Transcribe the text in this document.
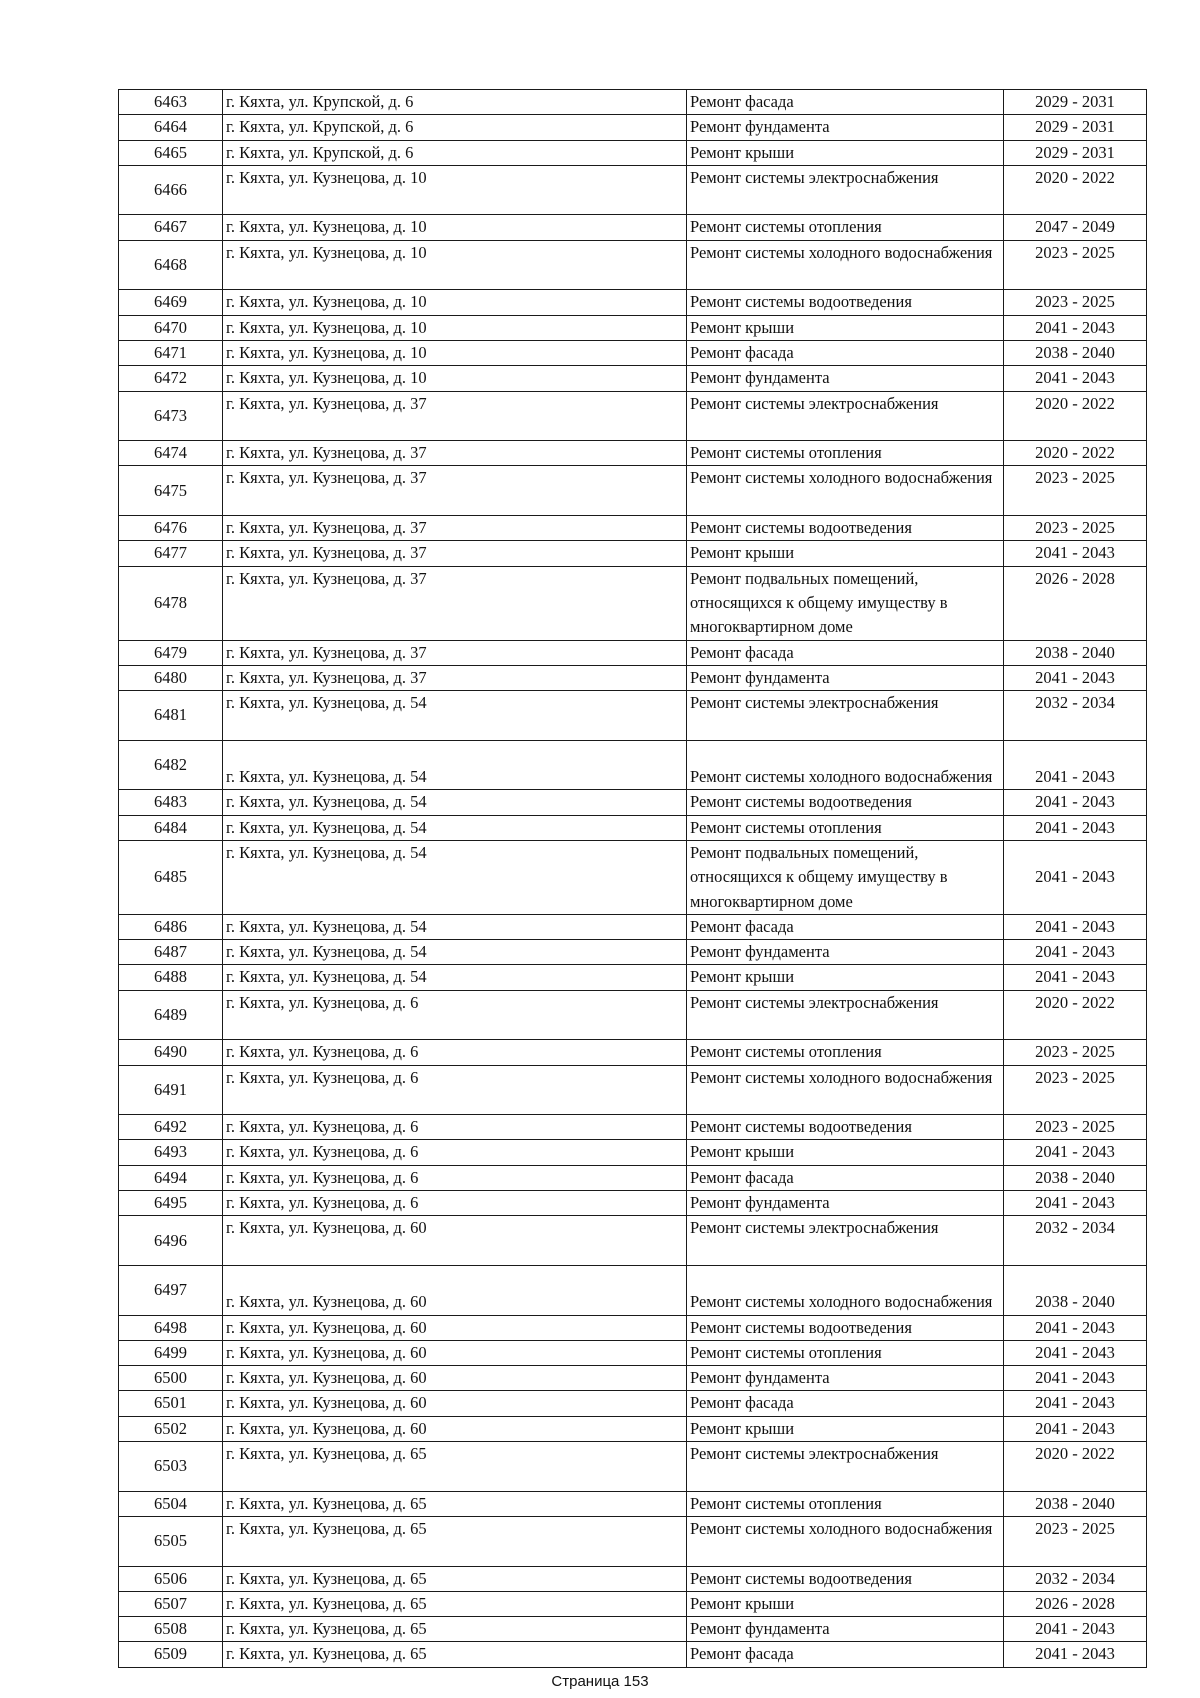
6463	г. Кяхта, ул. Крупской, д. 6	Ремонт фасада	2029 - 2031
6464	г. Кяхта, ул. Крупской, д. 6	Ремонт фундамента	2029 - 2031
6465	г. Кяхта, ул. Крупской, д. 6	Ремонт крыши	2029 - 2031
6466	г. Кяхта, ул. Кузнецова, д. 10	Ремонт системы электроснабжения	2020 - 2022
6467	г. Кяхта, ул. Кузнецова, д. 10	Ремонт системы отопления	2047 - 2049
6468	г. Кяхта, ул. Кузнецова, д. 10	Ремонт системы холодного водоснабжения	2023 - 2025
6469	г. Кяхта, ул. Кузнецова, д. 10	Ремонт системы водоотведения	2023 - 2025
6470	г. Кяхта, ул. Кузнецова, д. 10	Ремонт крыши	2041 - 2043
6471	г. Кяхта, ул. Кузнецова, д. 10	Ремонт фасада	2038 - 2040
6472	г. Кяхта, ул. Кузнецова, д. 10	Ремонт фундамента	2041 - 2043
6473	г. Кяхта, ул. Кузнецова, д. 37	Ремонт системы электроснабжения	2020 - 2022
6474	г. Кяхта, ул. Кузнецова, д. 37	Ремонт системы отопления	2020 - 2022
6475	г. Кяхта, ул. Кузнецова, д. 37	Ремонт системы холодного водоснабжения	2023 - 2025
6476	г. Кяхта, ул. Кузнецова, д. 37	Ремонт системы водоотведения	2023 - 2025
6477	г. Кяхта, ул. Кузнецова, д. 37	Ремонт крыши	2041 - 2043
6478	г. Кяхта, ул. Кузнецова, д. 37	Ремонт подвальных помещений, относящихся к общему имуществу в многоквартирном доме	2026 - 2028
6479	г. Кяхта, ул. Кузнецова, д. 37	Ремонт фасада	2038 - 2040
6480	г. Кяхта, ул. Кузнецова, д. 37	Ремонт фундамента	2041 - 2043
6481	г. Кяхта, ул. Кузнецова, д. 54	Ремонт системы электроснабжения	2032 - 2034
6482	г. Кяхта, ул. Кузнецова, д. 54	Ремонт системы холодного водоснабжения	2041 - 2043
6483	г. Кяхта, ул. Кузнецова, д. 54	Ремонт системы водоотведения	2041 - 2043
6484	г. Кяхта, ул. Кузнецова, д. 54	Ремонт системы отопления	2041 - 2043
6485	г. Кяхта, ул. Кузнецова, д. 54	Ремонт подвальных помещений, относящихся к общему имуществу в многоквартирном доме	2041 - 2043
6486	г. Кяхта, ул. Кузнецова, д. 54	Ремонт фасада	2041 - 2043
6487	г. Кяхта, ул. Кузнецова, д. 54	Ремонт фундамента	2041 - 2043
6488	г. Кяхта, ул. Кузнецова, д. 54	Ремонт крыши	2041 - 2043
6489	г. Кяхта, ул. Кузнецова, д. 6	Ремонт системы электроснабжения	2020 - 2022
6490	г. Кяхта, ул. Кузнецова, д. 6	Ремонт системы отопления	2023 - 2025
6491	г. Кяхта, ул. Кузнецова, д. 6	Ремонт системы холодного водоснабжения	2023 - 2025
6492	г. Кяхта, ул. Кузнецова, д. 6	Ремонт системы водоотведения	2023 - 2025
6493	г. Кяхта, ул. Кузнецова, д. 6	Ремонт крыши	2041 - 2043
6494	г. Кяхта, ул. Кузнецова, д. 6	Ремонт фасада	2038 - 2040
6495	г. Кяхта, ул. Кузнецова, д. 6	Ремонт фундамента	2041 - 2043
6496	г. Кяхта, ул. Кузнецова, д. 60	Ремонт системы электроснабжения	2032 - 2034
6497	г. Кяхта, ул. Кузнецова, д. 60	Ремонт системы холодного водоснабжения	2038 - 2040
6498	г. Кяхта, ул. Кузнецова, д. 60	Ремонт системы водоотведения	2041 - 2043
6499	г. Кяхта, ул. Кузнецова, д. 60	Ремонт системы отопления	2041 - 2043
6500	г. Кяхта, ул. Кузнецова, д. 60	Ремонт фундамента	2041 - 2043
6501	г. Кяхта, ул. Кузнецова, д. 60	Ремонт фасада	2041 - 2043
6502	г. Кяхта, ул. Кузнецова, д. 60	Ремонт крыши	2041 - 2043
6503	г. Кяхта, ул. Кузнецова, д. 65	Ремонт системы электроснабжения	2020 - 2022
6504	г. Кяхта, ул. Кузнецова, д. 65	Ремонт системы отопления	2038 - 2040
6505	г. Кяхта, ул. Кузнецова, д. 65	Ремонт системы холодного водоснабжения	2023 - 2025
6506	г. Кяхта, ул. Кузнецова, д. 65	Ремонт системы водоотведения	2032 - 2034
6507	г. Кяхта, ул. Кузнецова, д. 65	Ремонт крыши	2026 - 2028
6508	г. Кяхта, ул. Кузнецова, д. 65	Ремонт фундамента	2041 - 2043
6509	г. Кяхта, ул. Кузнецова, д. 65	Ремонт фасада	2041 - 2043
Страница 153
